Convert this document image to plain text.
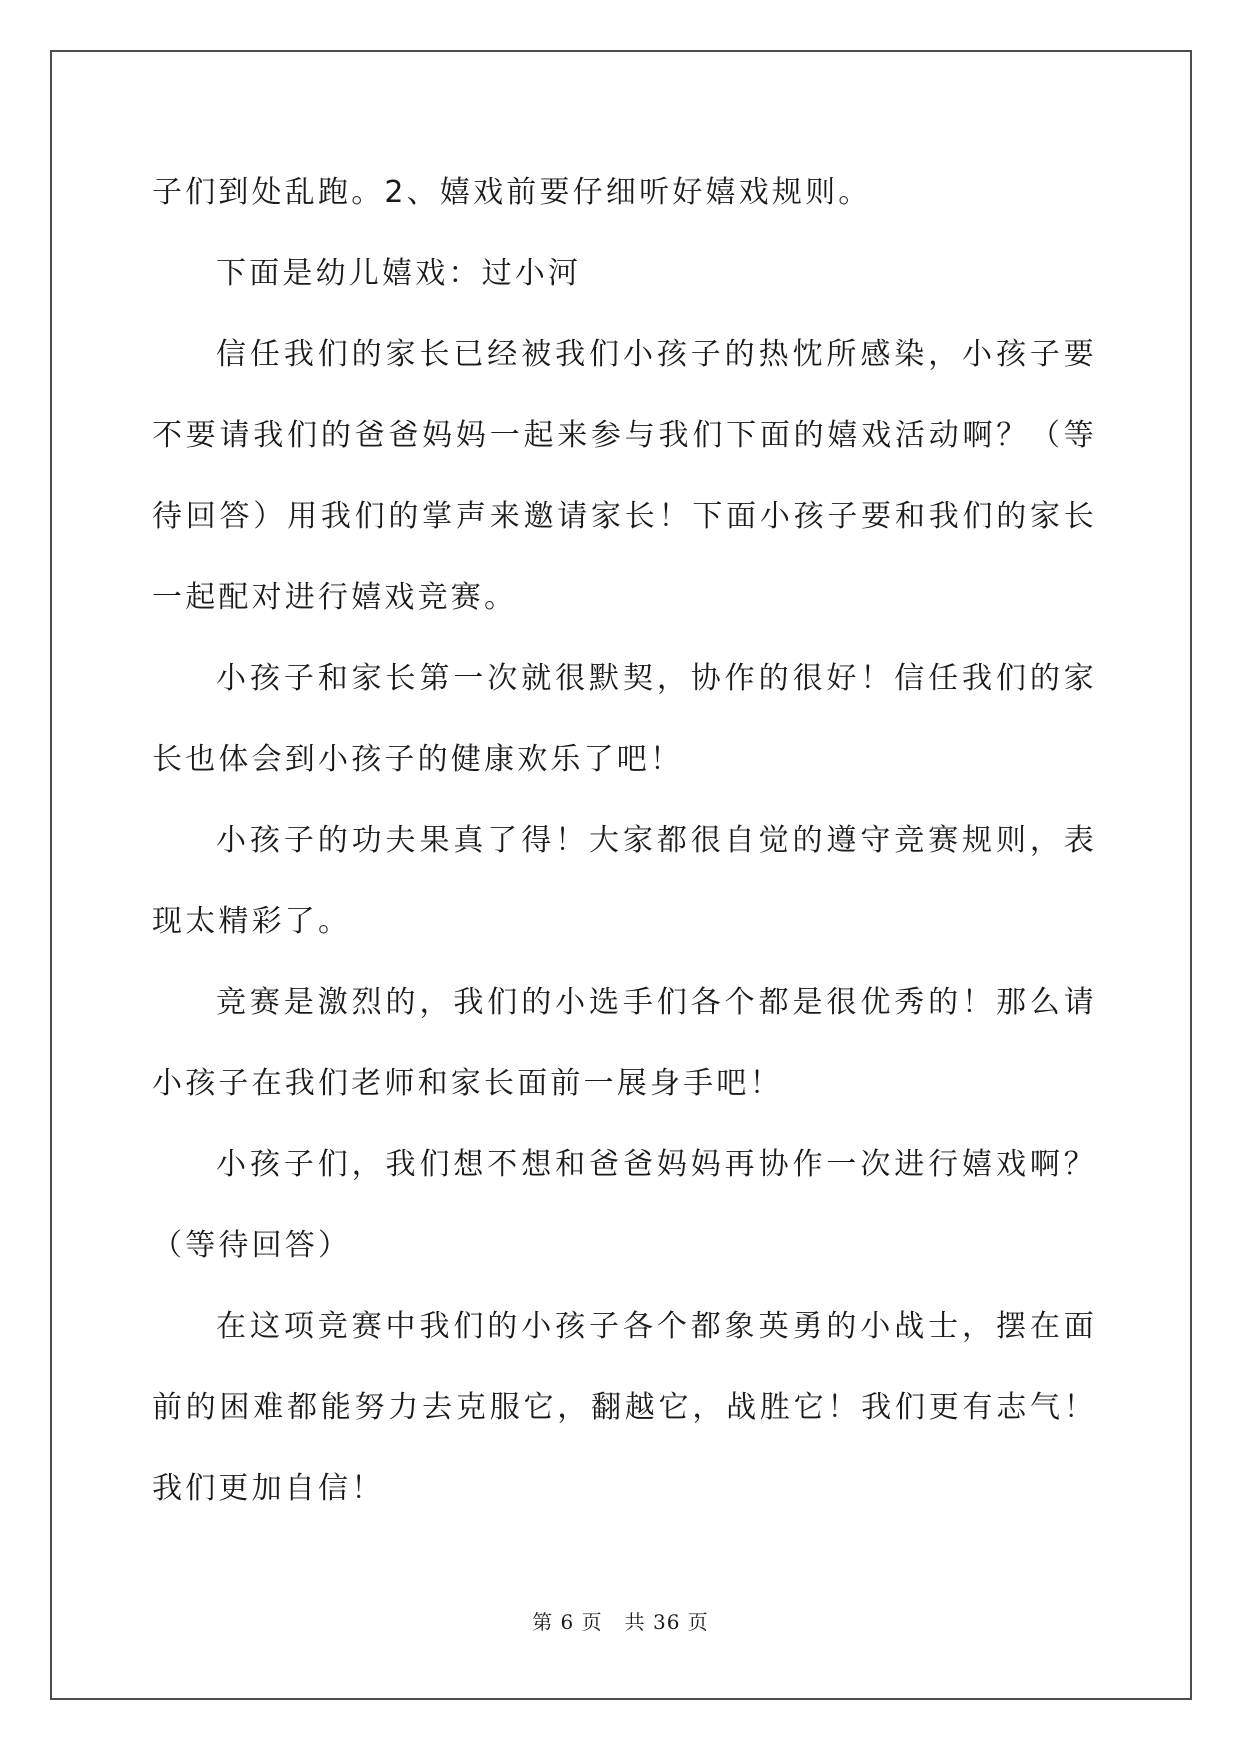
子们到处乱跑。2、嬉戏前要仔细听好嬉戏规则。

下面是幼儿嬉戏：过小河

信任我们的家长已经被我们小孩子的热忱所感染，小孩子要不要请我们的爸爸妈妈一起来参与我们下面的嬉戏活动啊？（等待回答）用我们的掌声来邀请家长！下面小孩子要和我们的家长一起配对进行嬉戏竞赛。

小孩子和家长第一次就很默契，协作的很好！信任我们的家长也体会到小孩子的健康欢乐了吧！

小孩子的功夫果真了得！大家都很自觉的遵守竞赛规则，表现太精彩了。

竞赛是激烈的，我们的小选手们各个都是很优秀的！那么请小孩子在我们老师和家长面前一展身手吧！

小孩子们，我们想不想和爸爸妈妈再协作一次进行嬉戏啊？（等待回答）

在这项竞赛中我们的小孩子各个都象英勇的小战士，摆在面前的困难都能努力去克服它，翻越它，战胜它！我们更有志气！我们更加自信！

第 6 页 共 36 页
